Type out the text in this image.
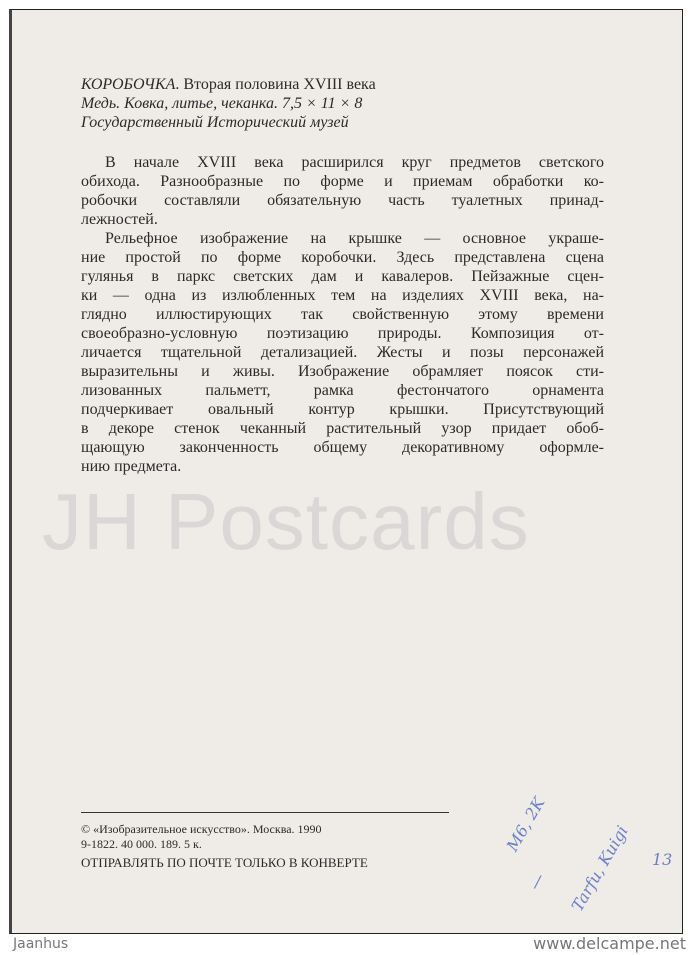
КОРОБОЧКА. Вторая половина XVIII века
Медь. Ковка, литье, чеканка. 7,5 × 11 × 8
Государственный Исторический музей
JH Postcards
В начале XVIII века расширился круг предметов светского
обихода. Разнообразные по форме и приемам обработки ко-
робочки составляли обязательную часть туалетных принад-
лежностей.
Рельефное изображение на крышке — основное украше-
ние простой по форме коробочки. Здесь представлена сцена
гулянья в паркс светских дам и кавалеров. Пейзажные сцен-
ки — одна из излюбленных тем на изделиях XVIII века, на-
глядно иллюстирующих так свойственную этому времени
своеобразно-условную поэтизацию природы. Композиция от-
личается тщательной детализацией. Жесты и позы персонажей
выразительны и живы. Изображение обрамляет поясок сти-
лизованных пальметт, рамка фестончатого орнамента
подчеркивает овальный контур крышки. Присутствующий
в декоре стенок чеканный растительный узор придает обоб-
щающую законченность общему декоративному оформле-
нию предмета.
© «Изобразительное искусство». Москва. 1990
9-1822. 40 000. 189. 5 к.
ОТПРАВЛЯТЬ ПО ПОЧТЕ ТОЛЬКО В КОНВЕРТЕ
M6, 2K
/ Tarfu, Kuigi 13
Jaanhus	www.delcampe.net
